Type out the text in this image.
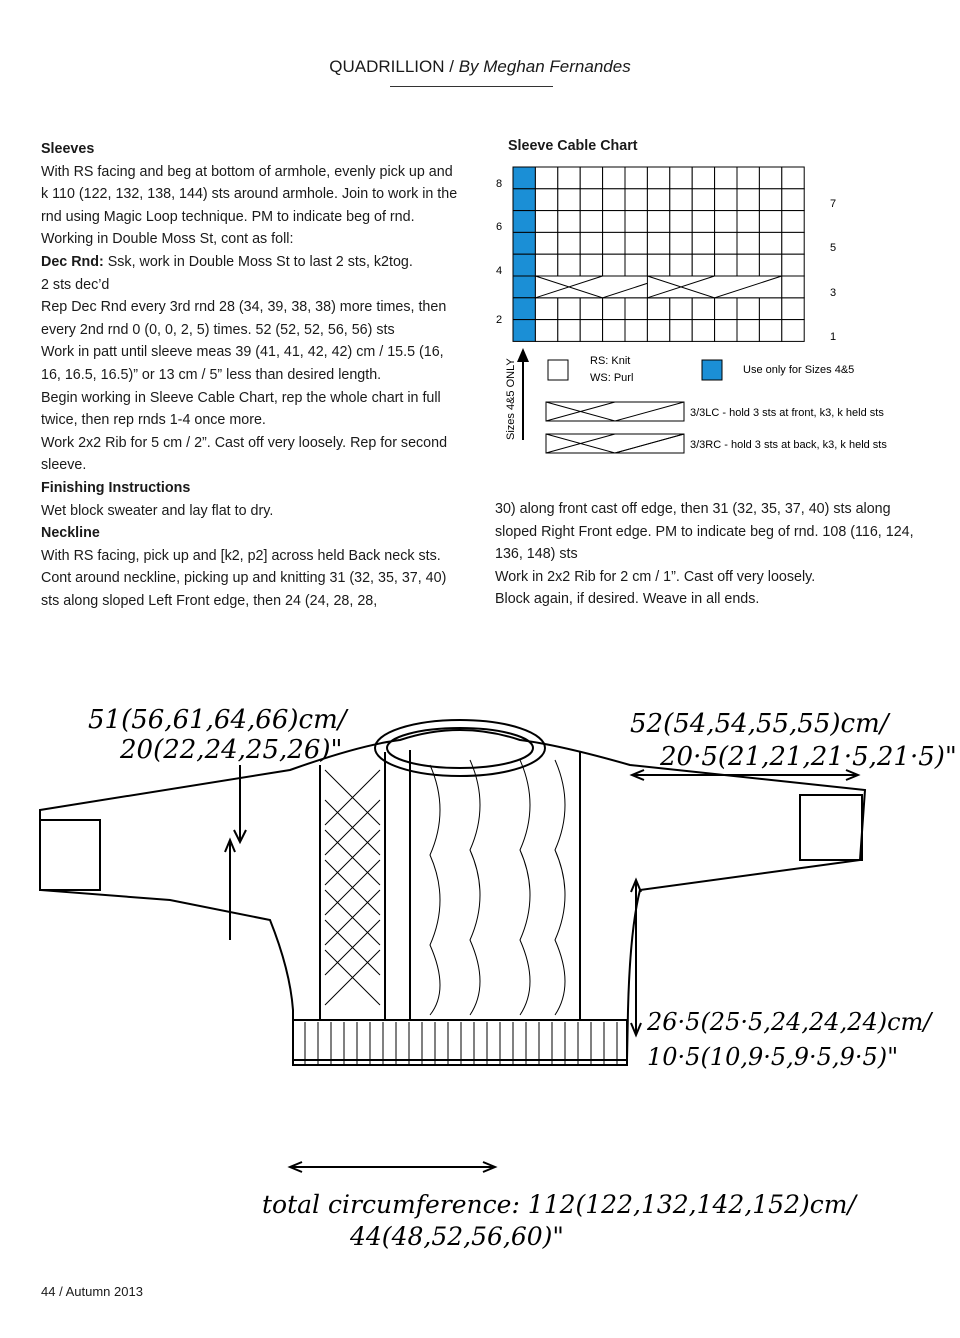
QUADRILLION / By Meghan Fernandes

Sleeves

With RS facing and beg at bottom of armhole, evenly pick up and k 110 (122, 132, 138, 144) sts around armhole. Join to work in the rnd using Magic Loop technique. PM to indicate beg of rnd. Working in Double Moss St, cont as foll:

Dec Rnd: Ssk, work in Double Moss St to last 2 sts, k2tog.

2 sts dec’d

Rep Dec Rnd every 3rd rnd 28 (34, 39, 38, 38) more times, then every 2nd rnd 0 (0, 0, 2, 5) times. 52 (52, 52, 56, 56) sts

Work in patt until sleeve meas 39 (41, 41, 42, 42) cm / 15.5 (16, 16, 16.5, 16.5)” or 13 cm / 5” less than desired length.

Begin working in Sleeve Cable Chart, rep the whole chart in full twice, then rep rnds 1-4 once more.

Work 2x2 Rib for 5 cm / 2”. Cast off very loosely. Rep for second sleeve.

Finishing Instructions

Wet block sweater and lay flat to dry.

Neckline

With RS facing, pick up and [k2, p2] across held Back neck sts. Cont around neckline, picking up and knitting 31 (32, 35, 37, 40) sts along sloped Left Front edge, then 24 (24, 28, 28,

Sleeve Cable Chart
8
6
4
2
7
5
3
1
Sizes 4&5 ONLY	RS: Knit
WS: Purl
Use only for Sizes 4&5
3/3LC - hold 3 sts at front, k3, k held sts
3/3RC - hold 3 sts at back, k3, k held sts

30) along front cast off edge, then 31 (32, 35, 37, 40) sts along sloped Right Front edge. PM to indicate beg of rnd. 108 (116, 124, 136, 148) sts

Work in 2x2 Rib for 2 cm / 1”. Cast off very loosely.

Block again, if desired. Weave in all ends.

51(56,61,64,66)cm/
20(22,24,25,26)"
52(54,54,55,55)cm/
20·5(21,21,21·5,21·5)"
26·5(25·5,24,24,24)cm/
10·5(10,9·5,9·5,9·5)"
total circumference: 112(122,132,142,152)cm/
44(48,52,56,60)"
44 / Autumn 2013
